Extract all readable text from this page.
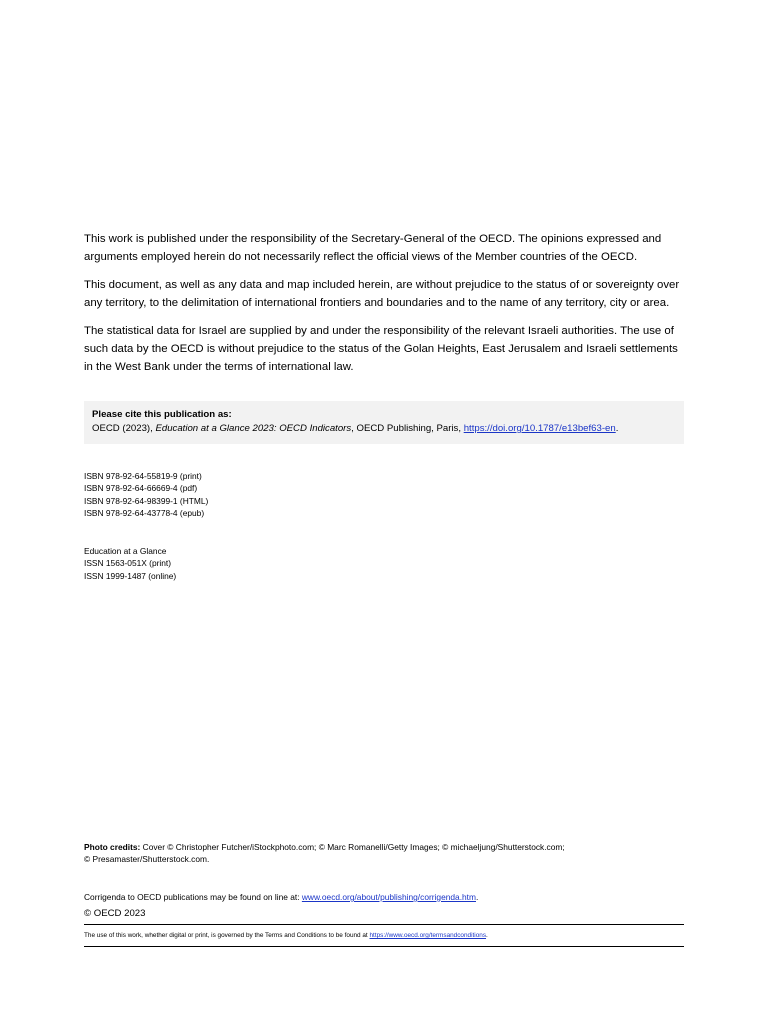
This work is published under the responsibility of the Secretary-General of the OECD. The opinions expressed and arguments employed herein do not necessarily reflect the official views of the Member countries of the OECD.

This document, as well as any data and map included herein, are without prejudice to the status of or sovereignty over any territory, to the delimitation of international frontiers and boundaries and to the name of any territory, city or area.

The statistical data for Israel are supplied by and under the responsibility of the relevant Israeli authorities. The use of such data by the OECD is without prejudice to the status of the Golan Heights, East Jerusalem and Israeli settlements in the West Bank under the terms of international law.

Please cite this publication as:
OECD (2023), Education at a Glance 2023: OECD Indicators, OECD Publishing, Paris, https://doi.org/10.1787/e13bef63-en.
ISBN 978-92-64-55819-9 (print)
ISBN 978-92-64-66669-4 (pdf)
ISBN 978-92-64-98399-1 (HTML)
ISBN 978-92-64-43778-4 (epub)
Education at a Glance
ISSN 1563-051X (print)
ISSN 1999-1487 (online)
Photo credits: Cover © Christopher Futcher/iStockphoto.com; © Marc Romanelli/Getty Images; © michaeljung/Shutterstock.com;
© Presamaster/Shutterstock.com.
Corrigenda to OECD publications may be found on line at: www.oecd.org/about/publishing/corrigenda.htm.
© OECD 2023
The use of this work, whether digital or print, is governed by the Terms and Conditions to be found at https://www.oecd.org/termsandconditions.
